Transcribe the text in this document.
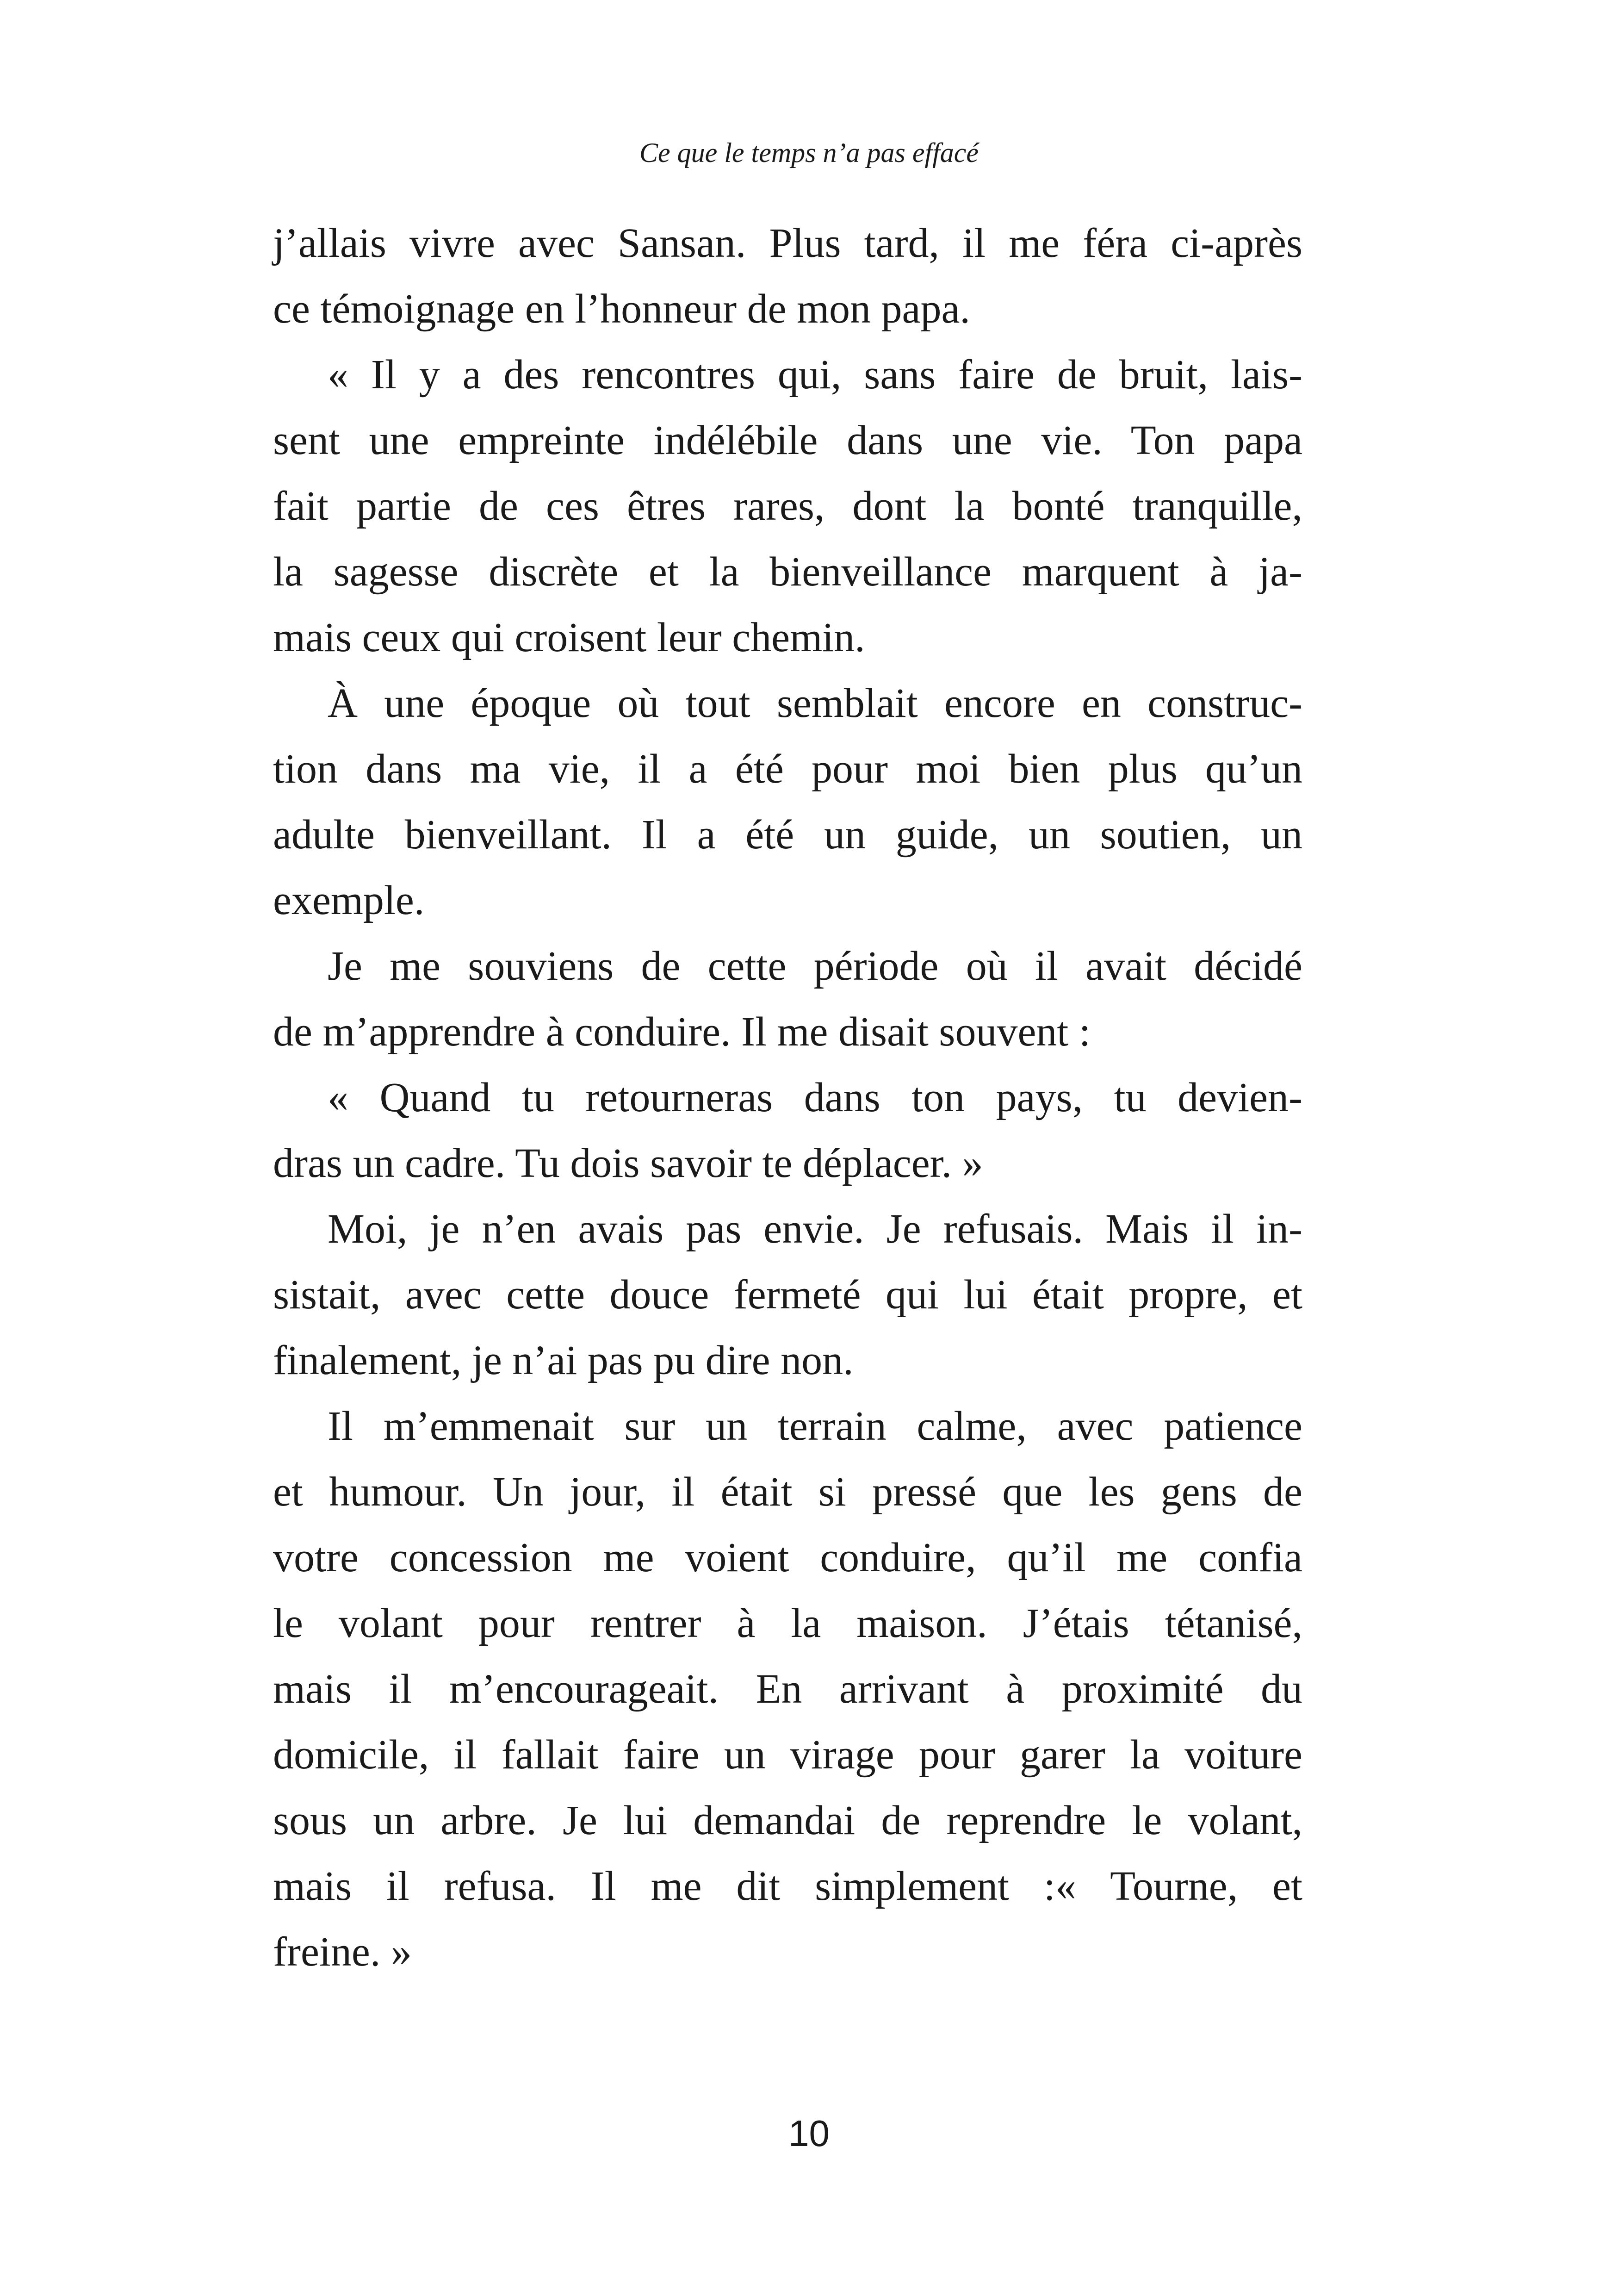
Ce que le temps n’a pas effacé
j’allais vivre avec Sansan. Plus tard, il me féra ci-après
ce témoignage en l’honneur de mon papa.
« Il y a des rencontres qui, sans faire de bruit, lais-
sent une empreinte indélébile dans une vie. Ton papa
fait partie de ces êtres rares, dont la bonté tranquille,
la sagesse discrète et la bienveillance marquent à ja-
mais ceux qui croisent leur chemin.
À une époque où tout semblait encore en construc-
tion dans ma vie, il a été pour moi bien plus qu’un
adulte bienveillant. Il a été un guide, un soutien, un
exemple.
Je me souviens de cette période où il avait décidé
de m’apprendre à conduire. Il me disait souvent :
« Quand tu retourneras dans ton pays, tu devien-
dras un cadre. Tu dois savoir te déplacer. »
Moi, je n’en avais pas envie. Je refusais. Mais il in-
sistait, avec cette douce fermeté qui lui était propre, et
finalement, je n’ai pas pu dire non.
Il m’emmenait sur un terrain calme, avec patience
et humour. Un jour, il était si pressé que les gens de
votre concession me voient conduire, qu’il me confia
le volant pour rentrer à la maison. J’étais tétanisé,
mais il m’encourageait. En arrivant à proximité du
domicile, il fallait faire un virage pour garer la voiture
sous un arbre. Je lui demandai de reprendre le volant,
mais il refusa. Il me dit simplement :« Tourne, et
freine. »
10
